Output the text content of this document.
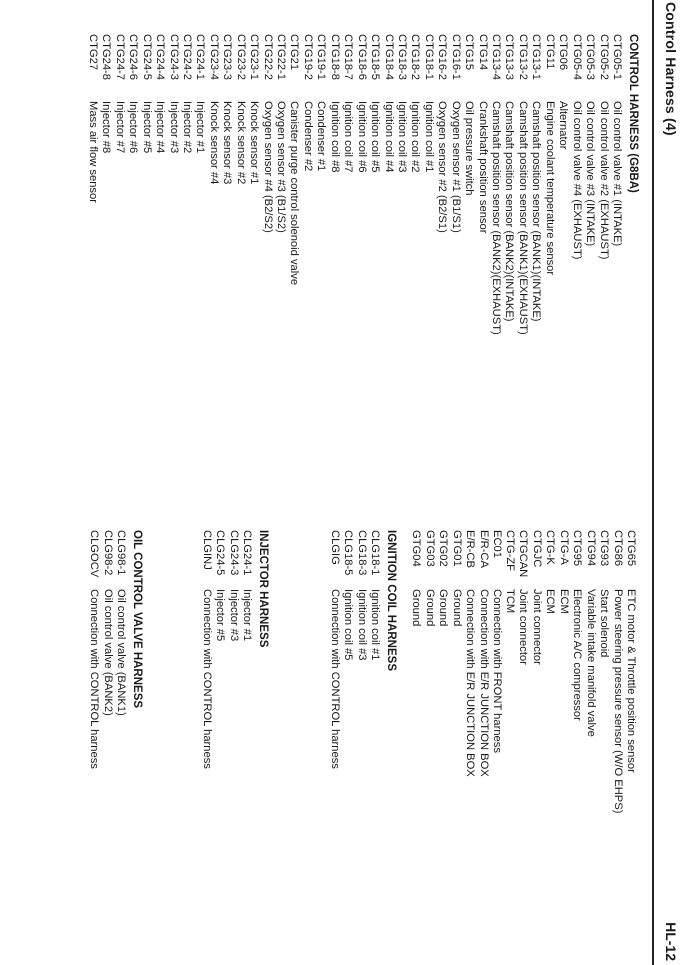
Control Harness (4)
HL-12
CONTROL HARNESS (G8BA)
CTG05-1
Oil control valve #1 (INTAKE)
CTG05-2
Oil control valve #2 (EXHAUST)
CTG05-3
Oil control valve #3 (INTAKE)
CTG05-4
Oil control valve #4 (EXHAUST)
CTG06
Alternator
CTG11
Engine coolant temperature sensor
CTG13-1
Camshaft position sensor (BANK1)(INTAKE)
CTG13-2
Camshaft position sensor (BANK1)(EXHAUST)
CTG13-3
Camshaft position sensor (BANK2)(INTAKE)
CTG13-4
Camshaft position sensor (BANK2)(EXHAUST)
CTG14
Crankshaft position sensor
CTG15
Oil pressure switch
CTG16-1
Oxygen sensor #1 (B1/S1)
CTG16-2
Oxygen sensor #2 (B2/S1)
CTG18-1
Ignition coil #1
CTG18-2
Ignition coil #2
CTG18-3
Ignition coil #3
CTG18-4
Ignition coil #4
CTG18-5
Ignition coil #5
CTG18-6
Ignition coil #6
CTG18-7
Ignition coil #7
CTG18-8
Ignition coil #8
CTG19-1
Condenser #1
CTG19-2
Condenser #2
CTG21
Canister purge control solenoid valve
CTG22-1
Oxygen sensor #3 (B1/S2)
CTG22-2
Oxygen sensor #4 (B2/S2)
CTG23-1
Knock sensor #1
CTG23-2
Knock sensor #2
CTG23-3
Knock sensor #3
CTG23-4
Knock sensor #4
CTG24-1
Injector #1
CTG24-2
Injector #2
CTG24-3
Injector #3
CTG24-4
Injector #4
CTG24-5
Injector #5
CTG24-6
Injector #6
CTG24-7
Injector #7
CTG24-8
Injector #8
CTG27
Mass air flow sensor
CTG65
ETC motor & Throttle position sensor
CTG86
Power steering pressure sensor (W/O EHPS)
CTG93
Start solenoid
CTG94
Variable intake manifold valve
CTG95
Electronic A/C compressor
CTG-A
ECM
CTG-K
ECM
CTGJC
Joint connector
CTGCAN
Joint connector
CTG-ZF
TCM
EC01
Connection with FRONT harness
E/R-CA
Connection with E/R JUNCTION BOX
E/R-CB
Connection with E/R JUNCTION BOX
GTG01
Ground
GTG02
Ground
GTG03
Ground
GTG04
Ground
IGNITION COIL HARNESS
CLG18-1
Ignition coil #1
CLG18-3
Ignition coil #3
CLG18-5
Ignition coil #5
CLGIG
Connection with CONTROL harness
INJECTOR HARNESS
CLG24-1
Injector #1
CLG24-3
Injector #3
CLG24-5
Injector #5
CLGINJ
Connection with CONTROL harness
OIL CONTROL VALVE HARNESS
CLG98-1
Oil control valve (BANK1)
CLG98-2
Oil control valve (BANK2)
CLGOCV
Connection with CONTROL harness
